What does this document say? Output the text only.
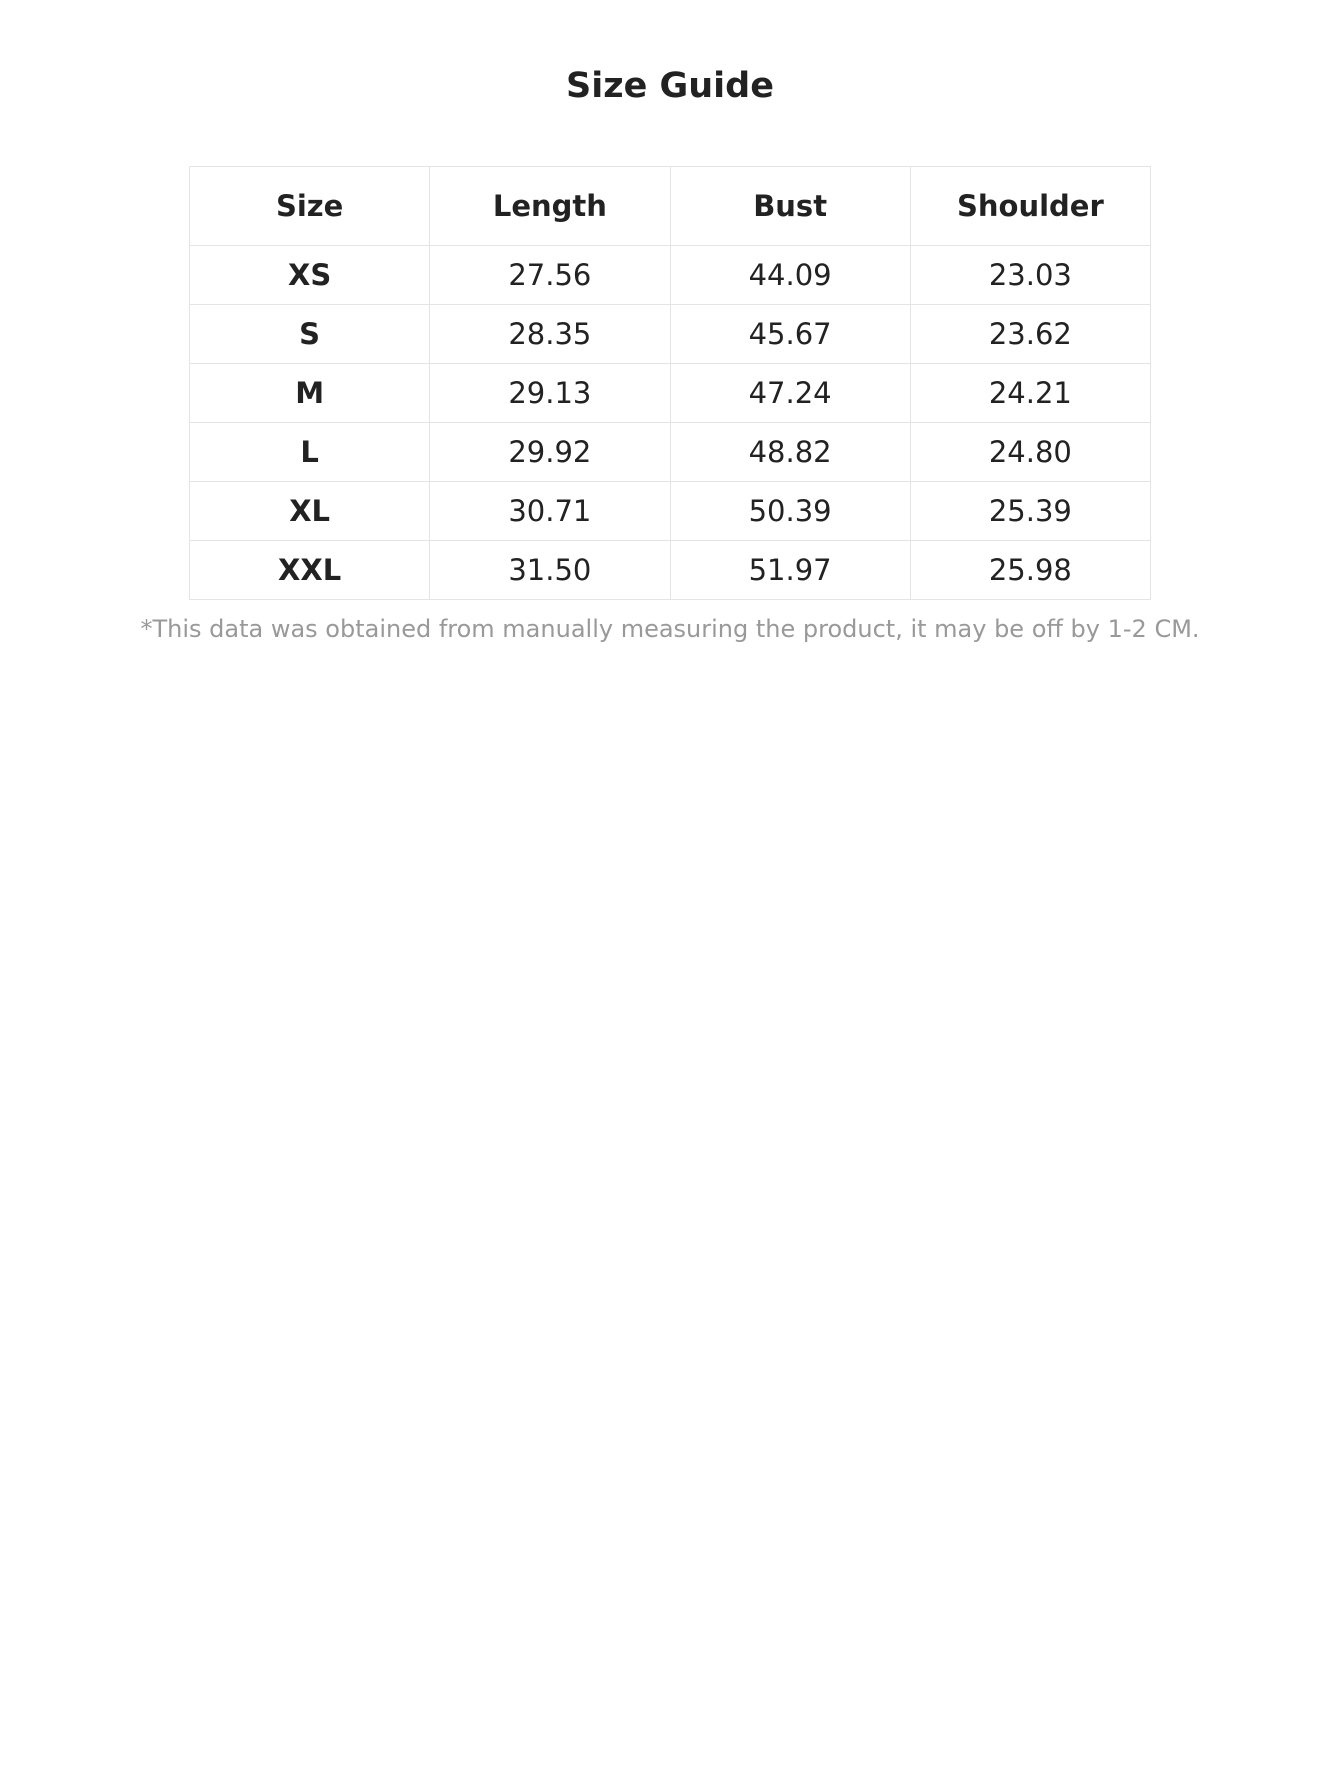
Size Guide
Size	Length	Bust	Shoulder
XS	27.56	44.09	23.03
S	28.35	45.67	23.62
M	29.13	47.24	24.21
L	29.92	48.82	24.80
XL	30.71	50.39	25.39
XXL	31.50	51.97	25.98
*This data was obtained from manually measuring the product, it may be off by 1-2 CM.
